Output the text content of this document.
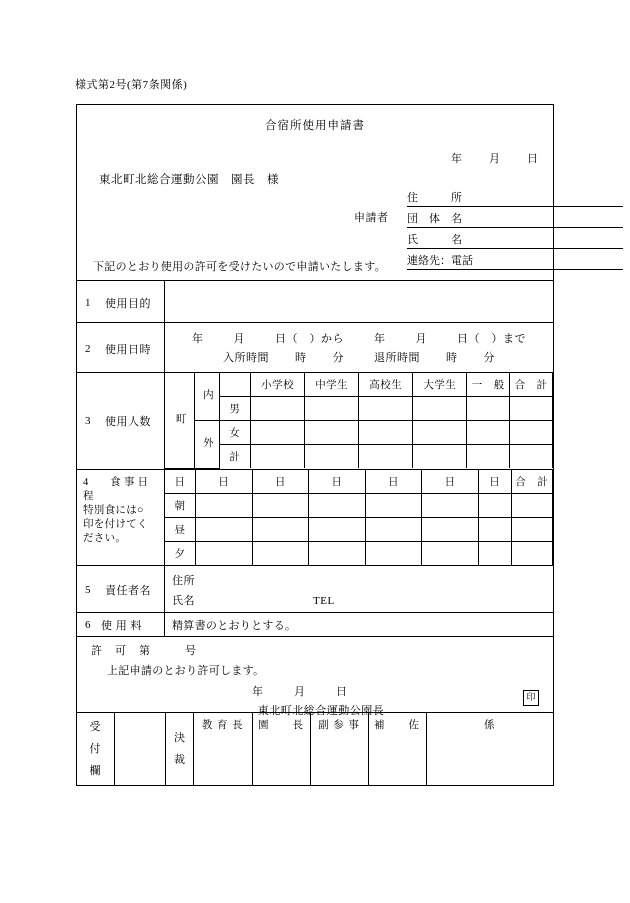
様式第2号(第7条関係)
合宿所使用申請書
年 月 日
東北町北総合運動公園　園長　様
申請者
住　　　所
団　体　名
氏　　　名
連絡先：電話
下記のとおり使用の許可を受けたいので申請いたします。
1 使用目的
2 使用日時
年	月	日（　）から	年	月	日（　）まで
入所時間 時 分	退所時間 時 分
3 使用人数 町	内		小学校	中学生	高校生	大学生	一　般	合　計
		男						
	外	女						
		計						
4　　食 事 日 程
特別食には○
印を付けてく
ださい。
日	日	日	日	日	日	日	合　計
朝							
昼							
夕							
5 責任者名
住所
氏名	TEL
6 使 用 料	精算書のとおりとする。
許　可　第	号
上記申請のとおり許可します。
年	月	日
東北町北総合運動公園長
印
受
付
欄
決
裁
教 育 長	園　　長	副 参 事	補　　佐	係
